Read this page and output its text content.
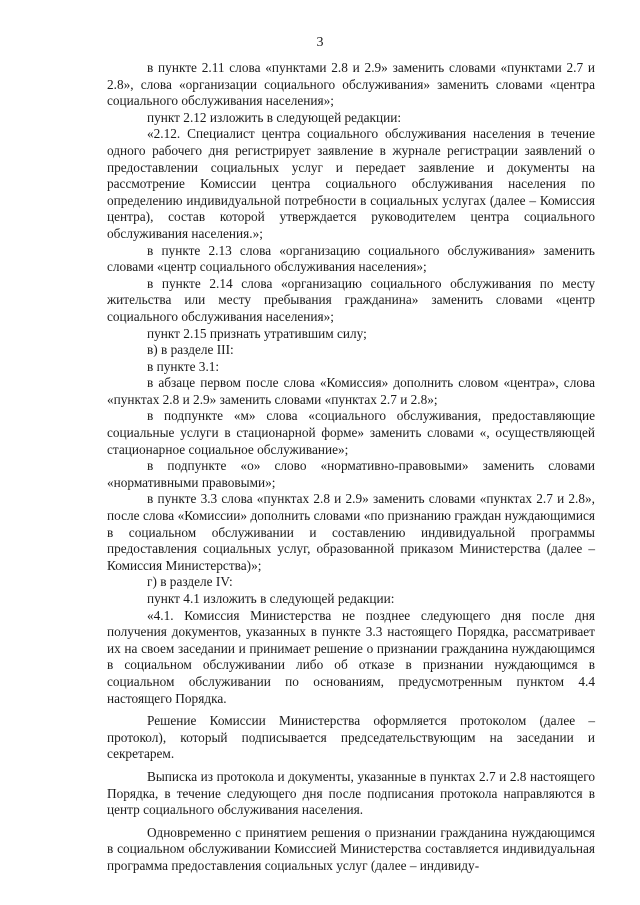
3

в пункте 2.11 слова «пунктами 2.8 и 2.9» заменить словами «пунктами 2.7 и 2.8», слова «организации социального обслуживания» заменить словами «центра социального обслуживания населения»;

пункт 2.12 изложить в следующей редакции:

«2.12. Специалист центра социального обслуживания населения в течение одного рабочего дня регистрирует заявление в журнале регистрации заявлений о предоставлении социальных услуг и передает заявление и документы на рассмотрение Комиссии центра социального обслуживания населения по определению индивидуальной потребности в социальных услугах (далее – Комиссия центра), состав которой утверждается руководителем центра социального обслуживания населения.»;

в пункте 2.13 слова «организацию социального обслуживания» заменить словами «центр социального обслуживания населения»;

в пункте 2.14 слова «организацию социального обслуживания по месту жительства или месту пребывания гражданина» заменить словами «центр социального обслуживания населения»;

пункт 2.15 признать утратившим силу;

в) в разделе III:

в пункте 3.1:

в абзаце первом после слова «Комиссия» дополнить словом «центра», слова «пунктах 2.8 и 2.9» заменить словами «пунктах 2.7 и 2.8»;

в подпункте «м» слова «социального обслуживания, предоставляющие социальные услуги в стационарной форме» заменить словами «, осуществляющей стационарное социальное обслуживание»;

в подпункте «о» слово «нормативно-правовыми» заменить словами «нормативными правовыми»;

в пункте 3.3 слова «пунктах 2.8 и 2.9» заменить словами «пунктах 2.7 и 2.8», после слова «Комиссии» дополнить словами «по признанию граждан нуждающимися в социальном обслуживании и составлению индивидуальной программы предоставления социальных услуг, образованной приказом Министерства (далее – Комиссия Министерства)»;

г) в разделе IV:

пункт 4.1 изложить в следующей редакции:

«4.1. Комиссия Министерства не позднее следующего дня после дня получения документов, указанных в пункте 3.3 настоящего Порядка, рассматривает их на своем заседании и принимает решение о признании гражданина нуждающимся в социальном обслуживании либо об отказе в признании нуждающимся в социальном обслуживании по основаниям, предусмотренным пунктом 4.4 настоящего Порядка.

Решение Комиссии Министерства оформляется протоколом (далее – протокол), который подписывается председательствующим на заседании и секретарем.

Выписка из протокола и документы, указанные в пунктах 2.7 и 2.8 настоящего Порядка, в течение следующего дня после подписания протокола направляются в центр социального обслуживания населения.

Одновременно с принятием решения о признании гражданина нуждающимся в социальном обслуживании Комиссией Министерства составляется индивидуальная программа предоставления социальных услуг (далее – индивиду-
